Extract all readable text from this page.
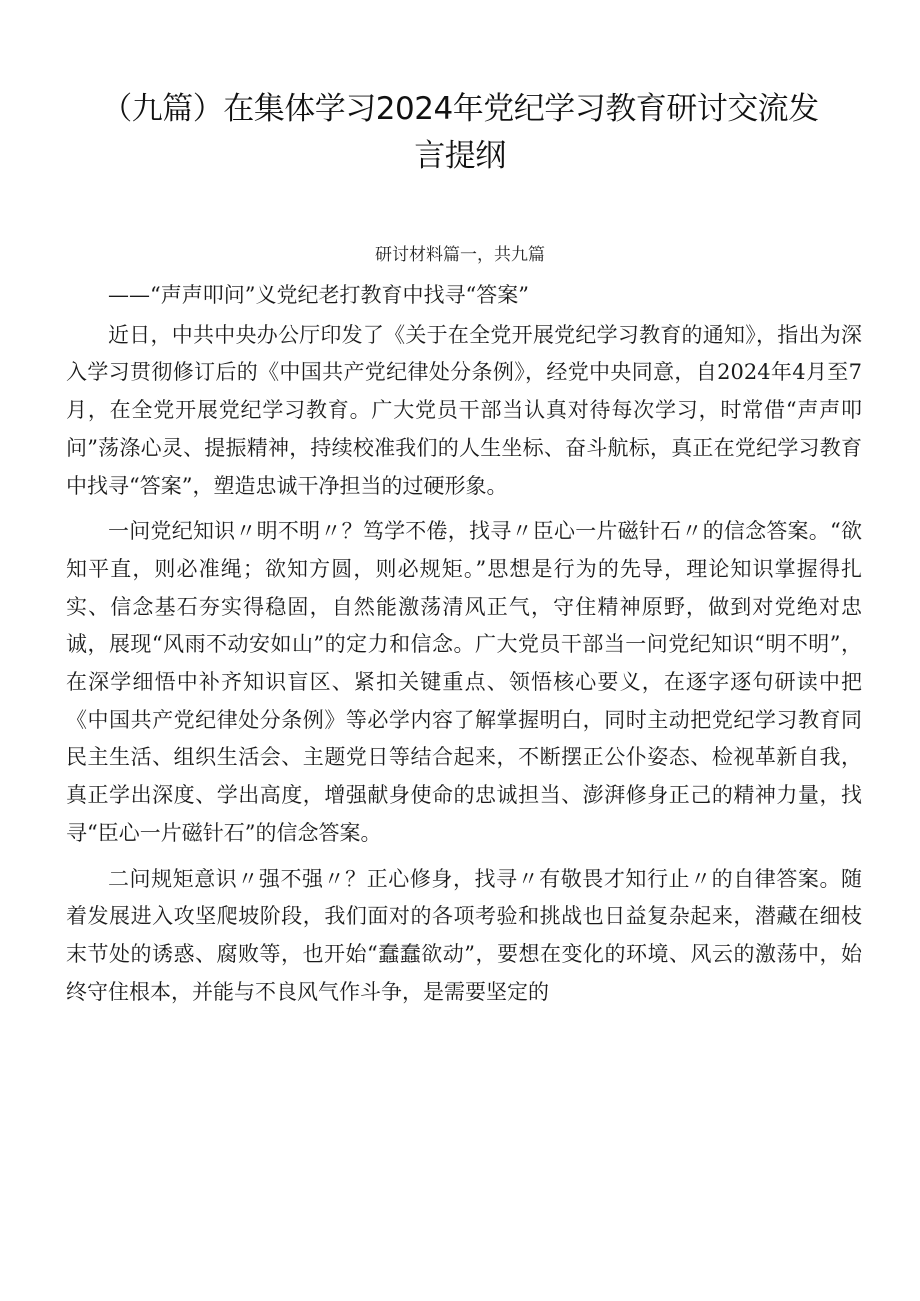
（九篇）在集体学习2024年党纪学习教育研讨交流发
言提纲
研讨材料篇一，共九篇

——“声声叩问”义党纪老打教育中找寻“答案”

近日，中共中央办公厅印发了《关于在全党开展党纪学习教育的通知》，指出为深入学习贯彻修订后的《中国共产党纪律处分条例》，经党中央同意，自2024年4月至7月，在全党开展党纪学习教育。广大党员干部当认真对待每次学习，时常借“声声叩问”荡涤心灵、提振精神，持续校准我们的人生坐标、奋斗航标，真正在党纪学习教育中找寻“答案”，塑造忠诚干净担当的过硬形象。

一问党纪知识〃明不明〃？笃学不倦，找寻〃臣心一片磁针石〃的信念答案。“欲知平直，则必准绳；欲知方圆，则必规矩。”思想是行为的先导，理论知识掌握得扎实、信念基石夯实得稳固，自然能激荡清风正气，守住精神原野，做到对党绝对忠诚，展现“风雨不动安如山”的定力和信念。广大党员干部当一问党纪知识“明不明”，在深学细悟中补齐知识盲区、紧扣关键重点、领悟核心要义，在逐字逐句研读中把《中国共产党纪律处分条例》等必学内容了解掌握明白，同时主动把党纪学习教育同民主生活、组织生活会、主题党日等结合起来，不断摆正公仆姿态、检视革新自我，真正学出深度、学出高度，增强献身使命的忠诚担当、澎湃修身正己的精神力量，找寻“臣心一片磁针石”的信念答案。

二问规矩意识〃强不强〃？正心修身，找寻〃有敬畏才知行止〃的自律答案。随着发展进入攻坚爬坡阶段，我们面对的各项考验和挑战也日益复杂起来，潜藏在细枝末节处的诱惑、腐败等，也开始“蠢蠢欲动”，要想在变化的环境、风云的激荡中，始终守住根本，并能与不良风气作斗争，是需要坚定的
